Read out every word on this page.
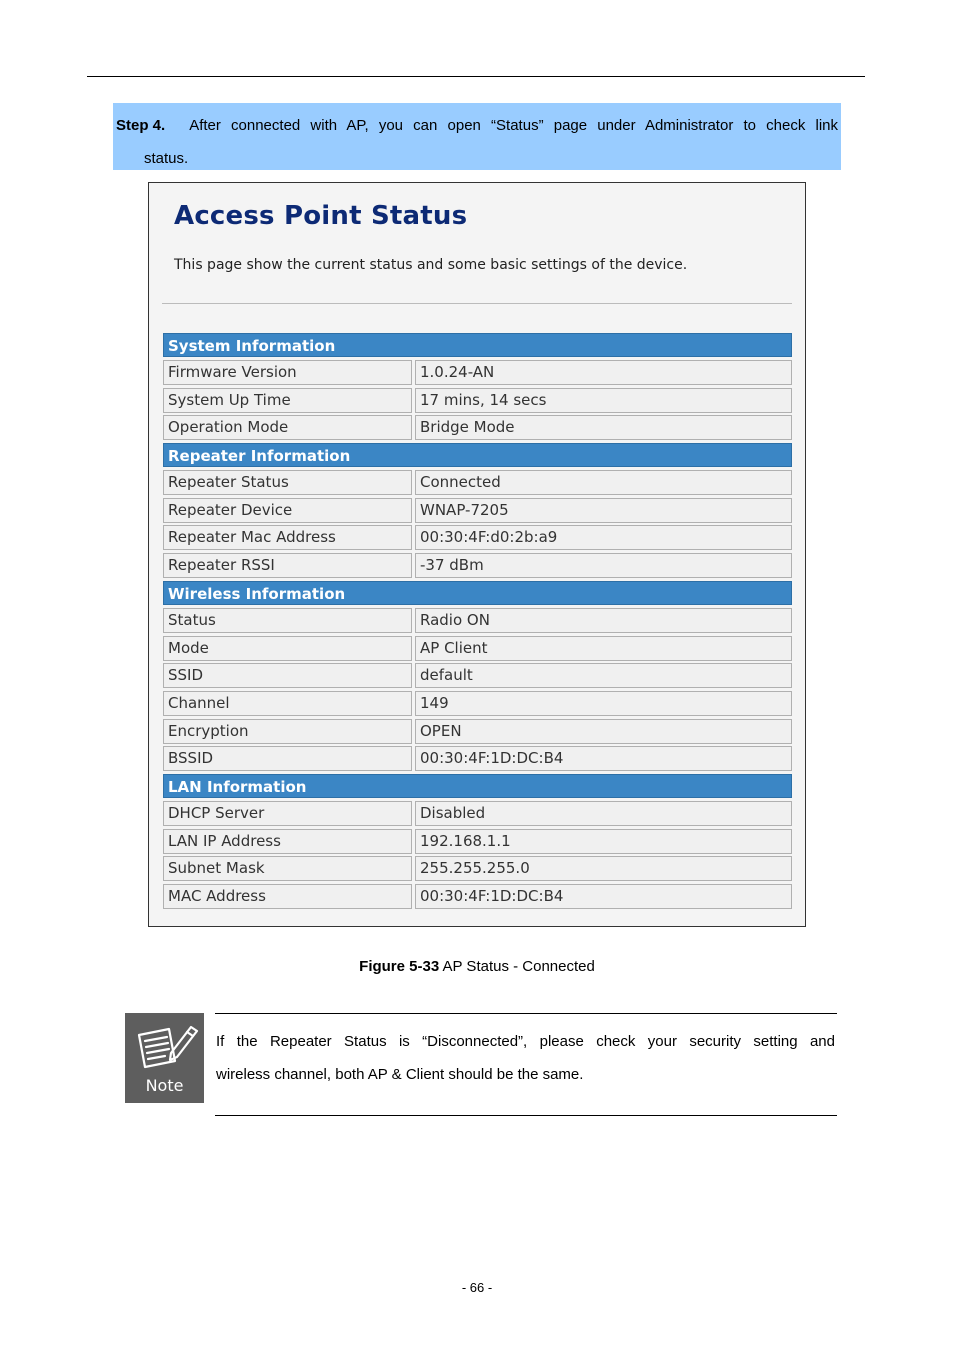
Step 4. After connected with AP, you can open “Status” page under Administrator to check link
status.
Access Point Status
This page show the current status and some basic settings of the device.
System Information
Firmware Version	1.0.24-AN
System Up Time	17 mins, 14 secs
Operation Mode	Bridge Mode
Repeater Information
Repeater Status	Connected
Repeater Device	WNAP-7205
Repeater Mac Address	00:30:4F:d0:2b:a9
Repeater RSSI	-37 dBm
Wireless Information
Status	Radio ON
Mode	AP Client
SSID	default
Channel	149
Encryption	OPEN
BSSID	00:30:4F:1D:DC:B4
LAN Information
DHCP Server	Disabled
LAN IP Address	192.168.1.1
Subnet Mask	255.255.255.0
MAC Address	00:30:4F:1D:DC:B4
Figure 5-33 AP Status - Connected
Note
If the Repeater Status is “Disconnected”, please check your security setting and
wireless channel, both AP & Client should be the same.
- 66 -
